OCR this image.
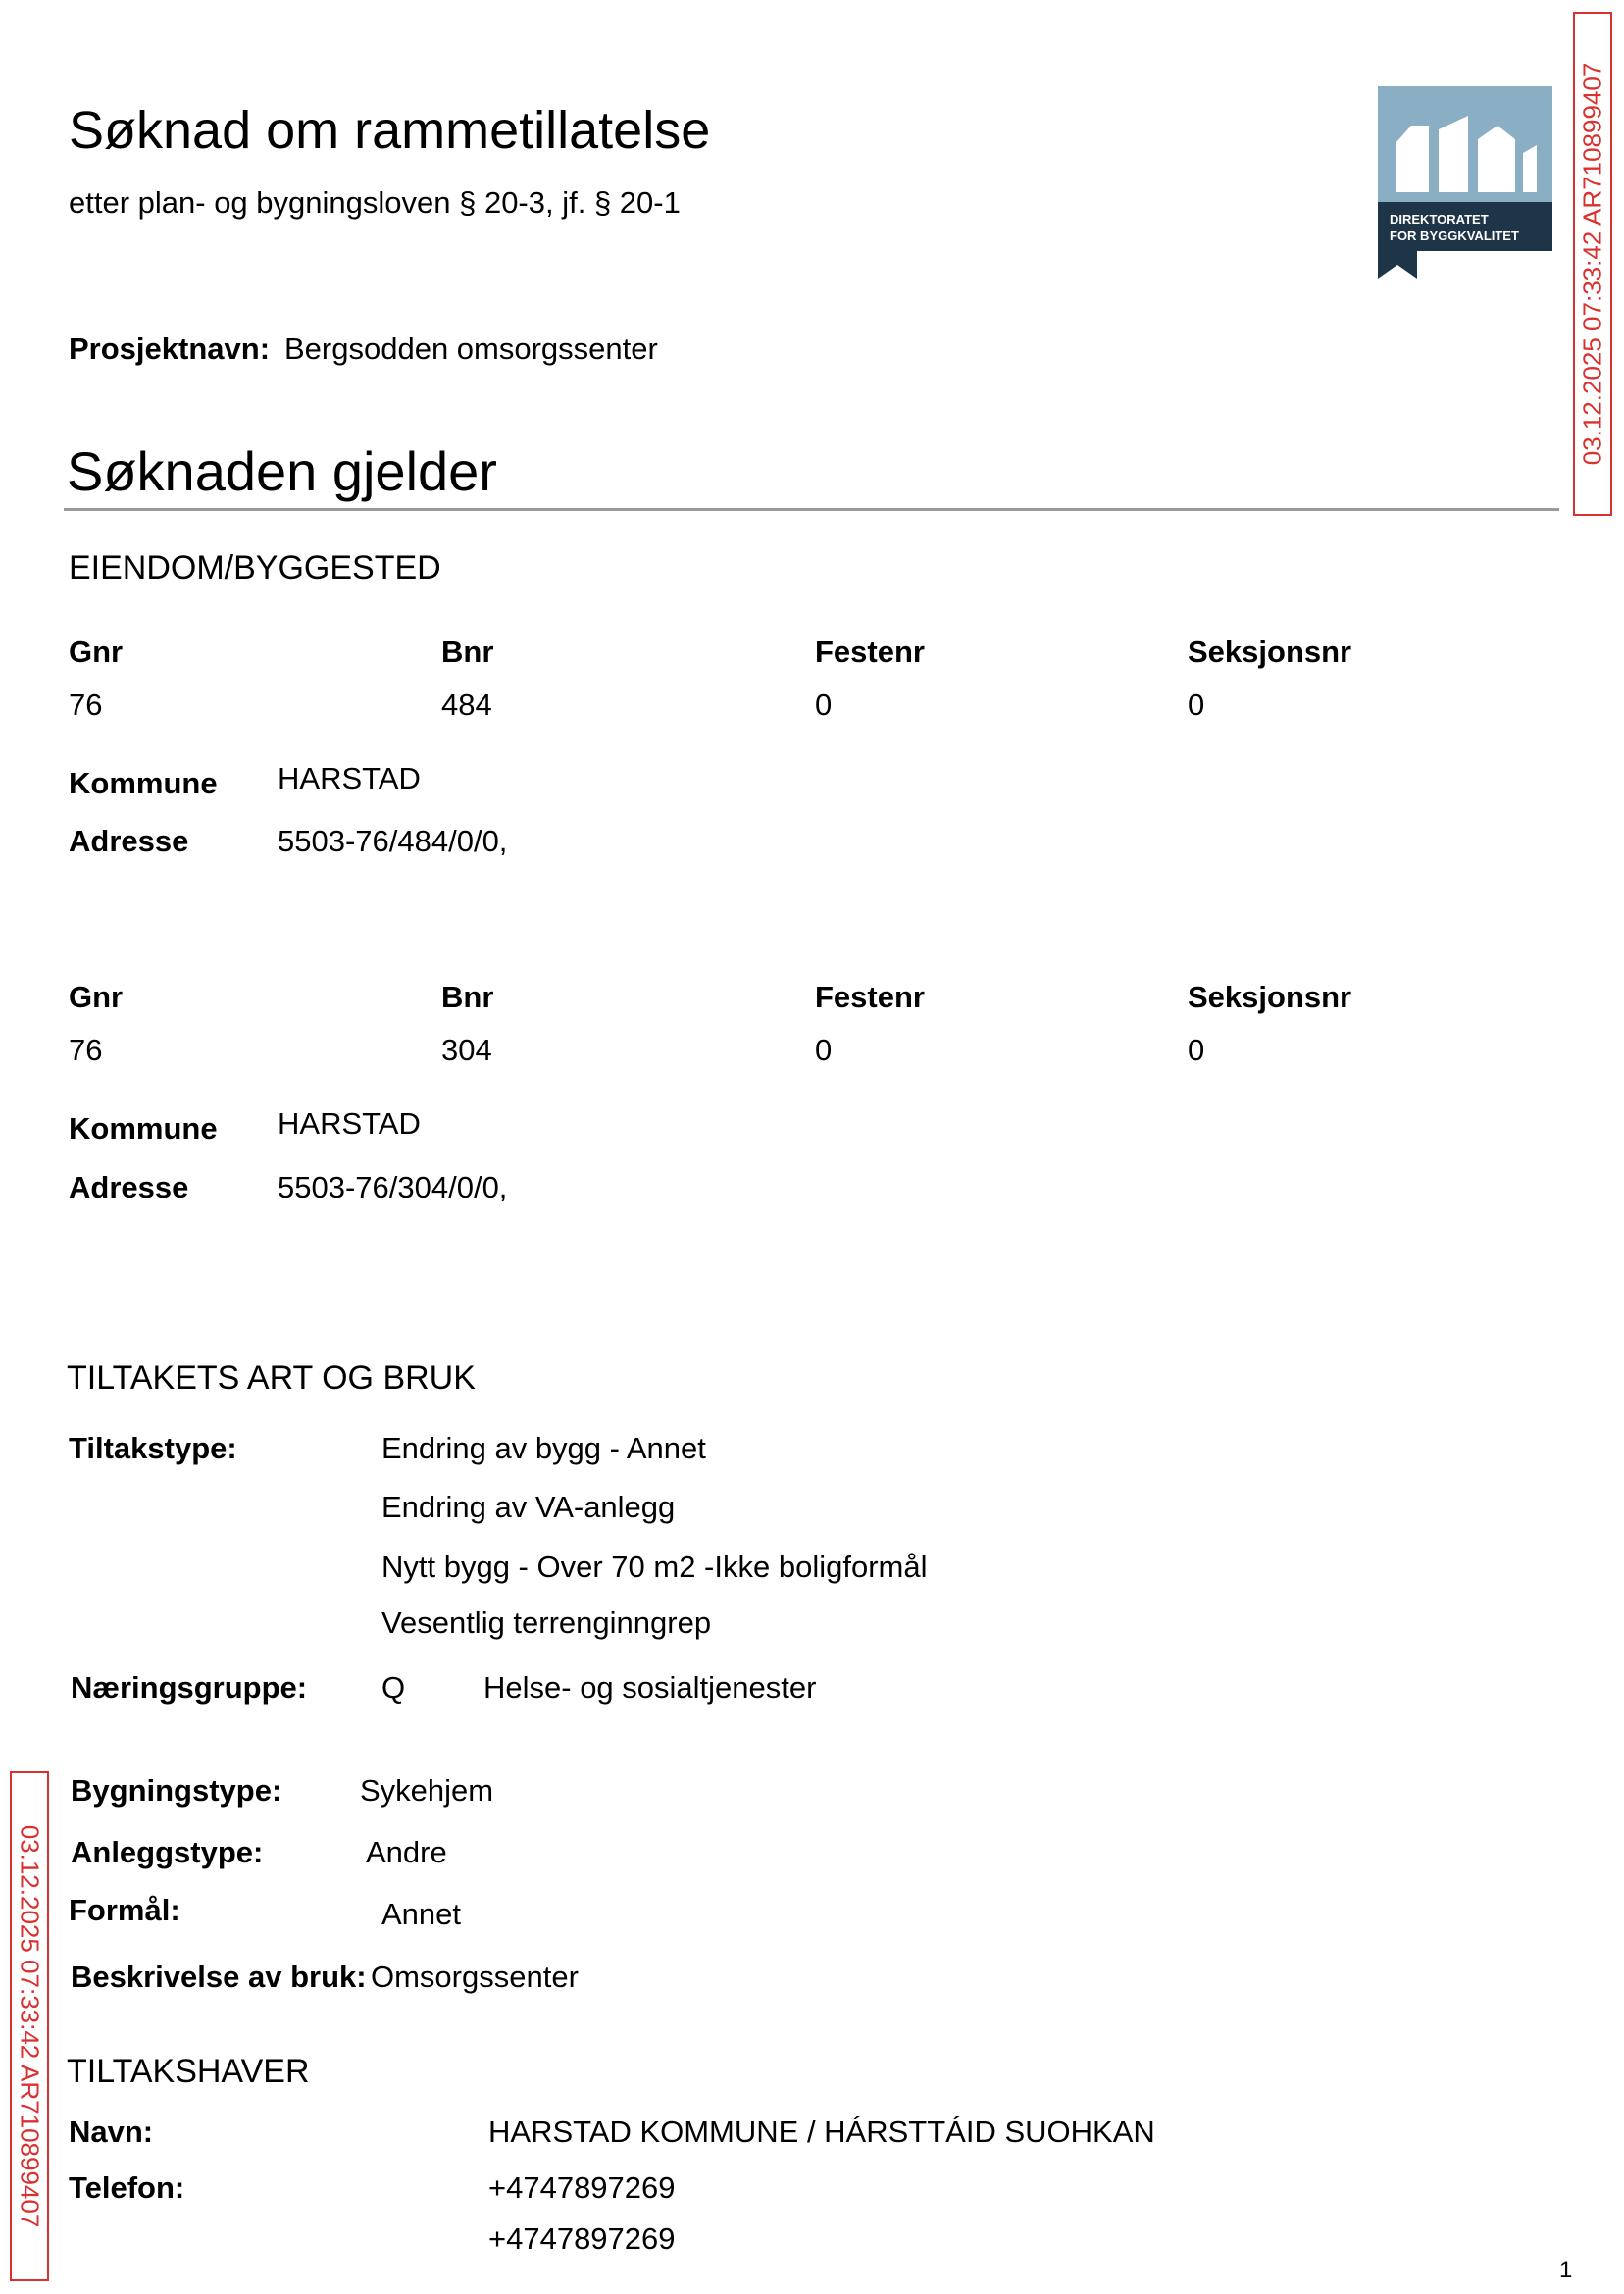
Søknad om rammetillatelse
etter plan- og bygningsloven § 20-3, jf. § 20-1	DIREKTORATET
FOR BYGGKVALITET 03.12.2025 07:33:42 AR710899407
Prosjektnavn: Bergsodden omsorgssenter
Søknaden gjelder
EIENDOM/BYGGESTED
Gnr	Bnr	Festenr	Seksjonsnr
76	484	0	0
Kommune HARSTAD
Adresse	5503-76/484/0/0,
Gnr	Bnr	Festenr	Seksjonsnr
76	304	0	0
Kommune HARSTAD
Adresse	5503-76/304/0/0,
TILTAKETS ART OG BRUK
Tiltakstype:	Endring av bygg - Annet
Endring av VA-anlegg
Nytt bygg - Over 70 m2 -Ikke boligformål
Vesentlig terrenginngrep
Næringsgruppe: Q	Helse- og sosialtjenester
03.12.2025 07:33:42 AR710899407
Bygningstype:	Sykehjem
Anleggstype:	Andre
Formål:	Annet
Beskrivelse av bruk: Omsorgssenter
TILTAKSHAVER
Navn:	HARSTAD KOMMUNE / HÁRSTTÁID SUOHKAN
Telefon:	+4747897269
+4747897269
1
